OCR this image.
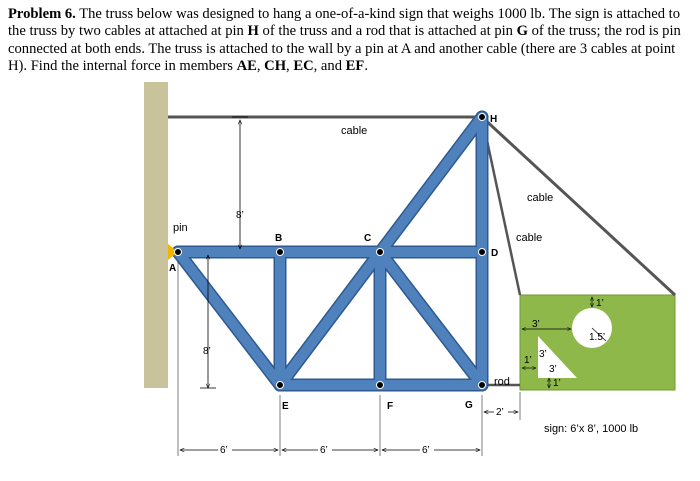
Problem 6. The truss below was designed to hang a one-of-a-kind sign that weighs 1000 lb. The sign is attached to the truss by two cables at attached at pin H of the truss and a rod that is attached at pin G of the truss; the rod is pin connected at both ends. The truss is attached to the wall by a pin at A and another cable (there are 3 cables at point H). Find the internal force in members AE, CH, EC, and EF.

A
B	C
D
E	F	G
H
cable
cable
cable
pin
rod
sign: 6’x 8’, 1000 lb
8’
8’
6’	6’	6’
2’
1’
1.5’
3’
3’
3’
1’
1’
